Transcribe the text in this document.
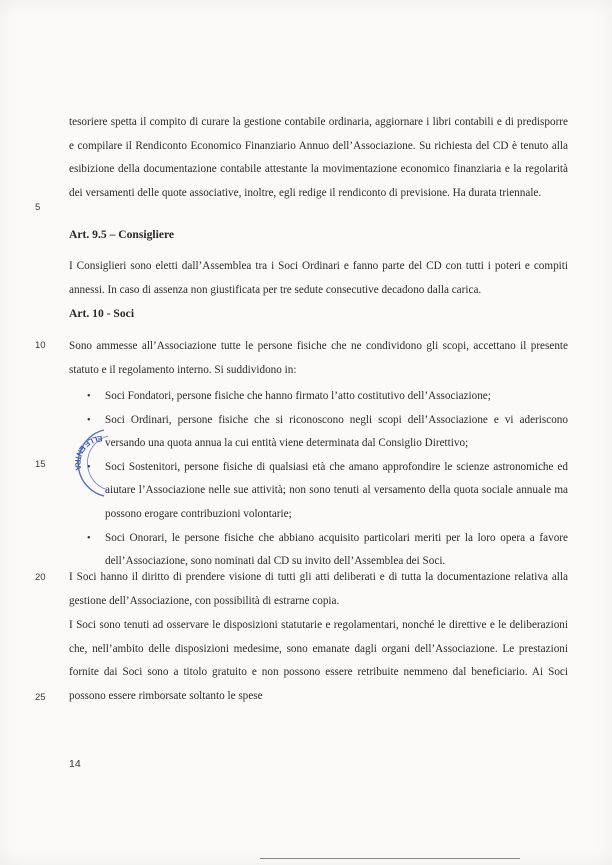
tesoriere spetta il compito di curare la gestione contabile ordinaria, aggiornare i libri contabili e di predisporre e compilare il Rendiconto Economico Finanziario Annuo dell’Associazione. Su richiesta del CD è tenuto alla esibizione della documentazione contabile attestante la movimentazione economico finanziaria e la regolarità dei versamenti delle quote associative, inoltre, egli redige il rendiconto di previsione. Ha durata triennale.
Art. 9.5 – Consigliere
I Consiglieri sono eletti dall’Assemblea tra i Soci Ordinari e fanno parte del CD con tutti i poteri e compiti annessi. In caso di assenza non giustificata per tre sedute consecutive decadono dalla carica.
Art. 10 - Soci
Sono ammesse all’Associazione tutte le persone fisiche che ne condividono gli scopi, accettano il presente statuto e il regolamento interno. Si suddividono in:
• Soci Fondatori, persone fisiche che hanno firmato l’atto costitutivo dell’Associazione;
• Soci Ordinari, persone fisiche che si riconoscono negli scopi dell’Associazione e vi aderiscono versando una quota annua la cui entità viene determinata dal Consiglio Direttivo;
• Soci Sostenitori, persone fisiche di qualsiasi età che amano approfondire le scienze astronomiche ed aiutare l’Associazione nelle sue attività; non sono tenuti al versamento della quota sociale annuale ma possono erogare contribuzioni volontarie;
• Soci Onorari, le persone fisiche che abbiano acquisito particolari meriti per la loro opera a favore dell’Associazione, sono nominati dal CD su invito dell’Assemblea dei Soci.
I Soci hanno il diritto di prendere visione di tutti gli atti deliberati e di tutta la documentazione relativa alla gestione dell’Associazione, con possibilità di estrarne copia.
I Soci sono tenuti ad osservare le disposizioni statutarie e regolamentari, nonché le direttive e le deliberazioni che, nell’ambito delle disposizioni medesime, sono emanate dagli organi dell’Associazione. Le prestazioni fornite dai Soci sono a titolo gratuito e non possono essere retribuite nemmeno dal beneficiario. Ai Soci possono essere rimborsate soltanto le spese
5
10
15
20
25
ELLE ENTRA
14
